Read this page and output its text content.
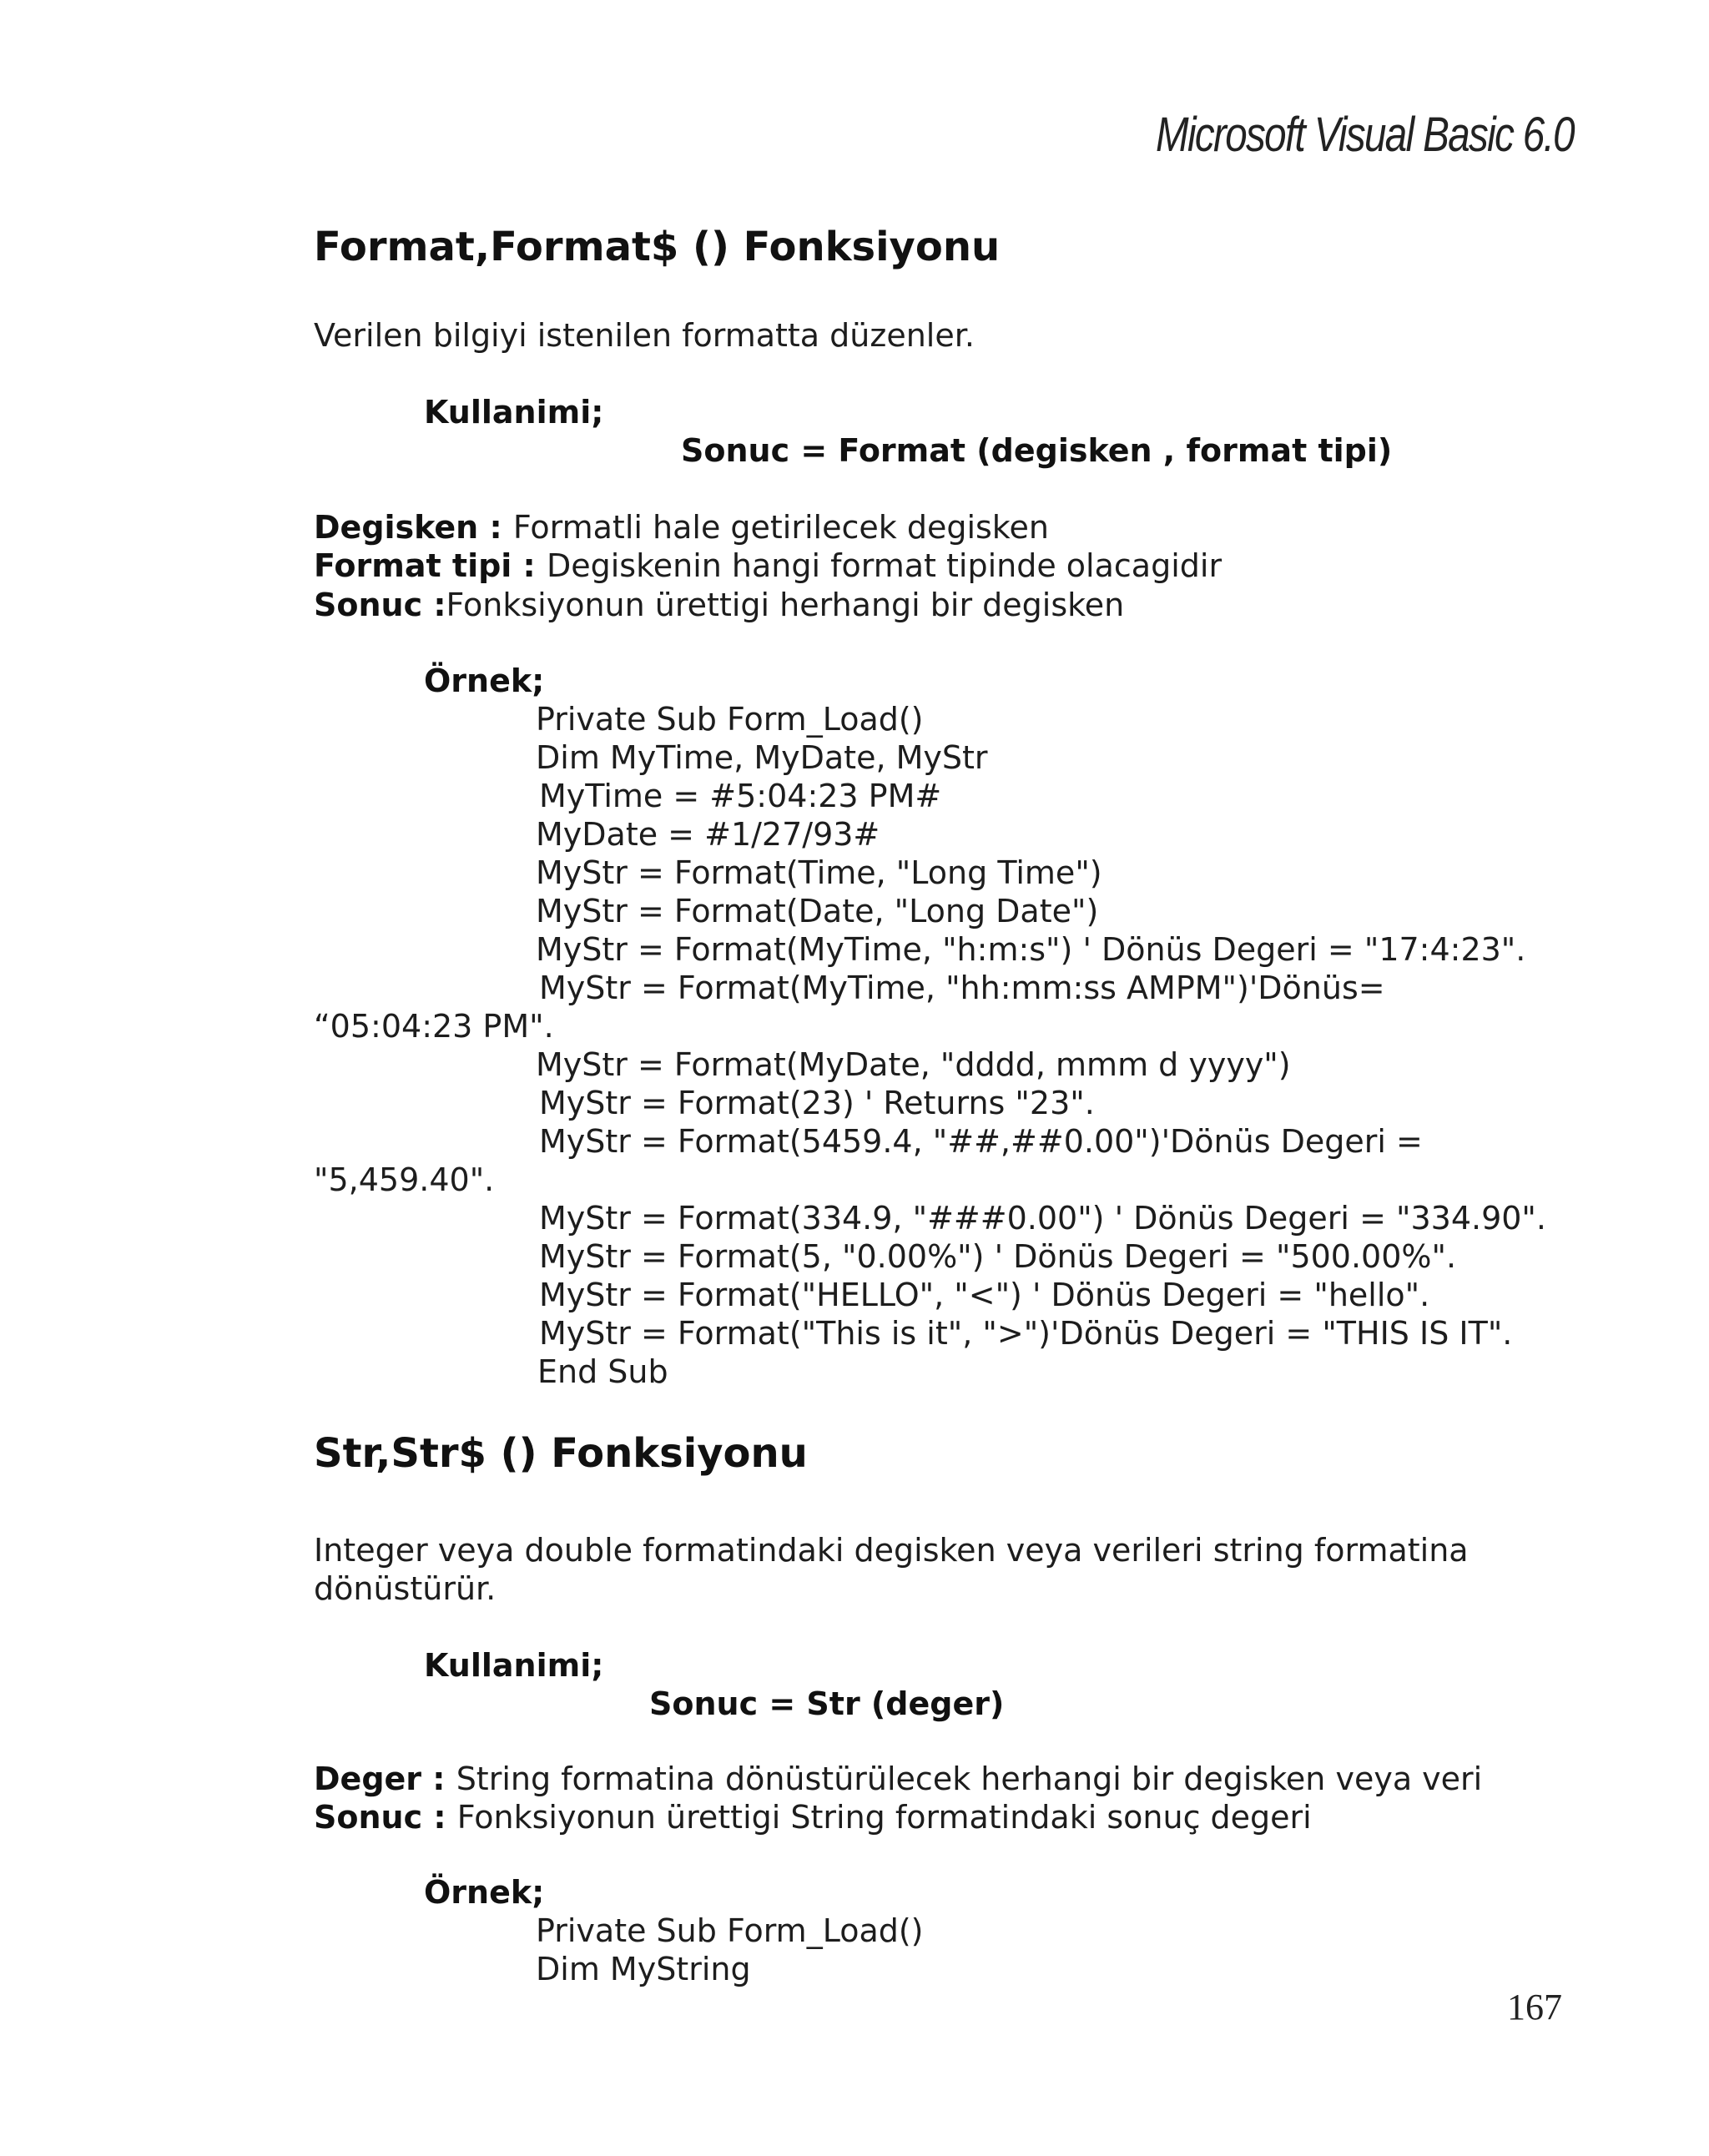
Microsoft Visual Basic 6.0
Format,Format$ () Fonksiyonu
Verilen bilgiyi istenilen formatta düzenler.
Kullanimi;
Sonuc = Format (degisken , format tipi)
Degisken : Formatli hale getirilecek degisken
Format tipi : Degiskenin hangi format tipinde olacagidir
Sonuc :Fonksiyonun ürettigi herhangi bir degisken
Örnek;
Private Sub Form_Load()
Dim MyTime, MyDate, MyStr
MyTime = #5:04:23 PM#
MyDate = #1/27/93#
MyStr = Format(Time, "Long Time")
MyStr = Format(Date, "Long Date")
MyStr = Format(MyTime, "h:m:s") ' Dönüs Degeri = "17:4:23".
MyStr = Format(MyTime, "hh:mm:ss AMPM")'Dönüs=
“05:04:23 PM".
MyStr = Format(MyDate, "dddd, mmm d yyyy")
MyStr = Format(23) ' Returns "23".
MyStr = Format(5459.4, "##,##0.00")'Dönüs Degeri =
"5,459.40".
MyStr = Format(334.9, "###0.00") ' Dönüs Degeri = "334.90".
MyStr = Format(5, "0.00%") ' Dönüs Degeri = "500.00%".
MyStr = Format("HELLO", "<") ' Dönüs Degeri = "hello".
MyStr = Format("This is it", ">")'Dönüs Degeri = "THIS IS IT".
End Sub
Str,Str$ () Fonksiyonu
Integer veya double formatindaki degisken veya verileri string formatina
dönüstürür.
Kullanimi;
Sonuc = Str (deger)
Deger : String formatina dönüstürülecek herhangi bir degisken veya veri
Sonuc : Fonksiyonun ürettigi String formatindaki sonuç degeri
Örnek;
Private Sub Form_Load()
Dim MyString
167
